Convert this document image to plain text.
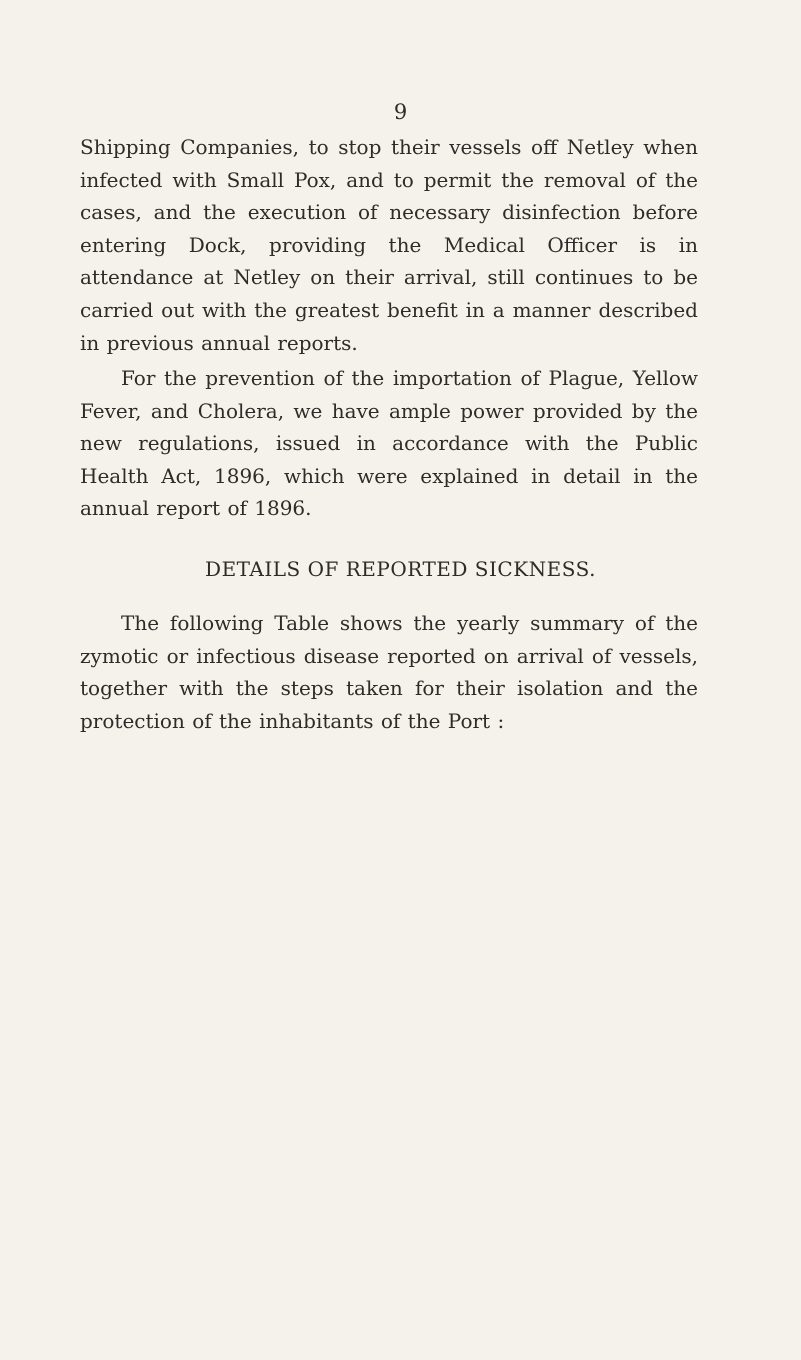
9

Shipping Companies, to stop their vessels off Netley when infected with Small Pox, and to permit the removal of the cases, and the execution of necessary disinfection before entering Dock, providing the Medical Officer is in attendance at Netley on their arrival, still continues to be carried out with the greatest benefit in a manner described in previous annual reports.

For the prevention of the importation of Plague, Yellow Fever, and Cholera, we have ample power provided by the new regulations, issued in accordance with the Public Health Act, 1896, which were explained in detail in the annual report of 1896.

DETAILS OF REPORTED SICKNESS.

The following Table shows the yearly summary of the zymotic or infectious disease reported on arrival of vessels, together with the steps taken for their isolation and the protection of the inhabitants of the Port :
